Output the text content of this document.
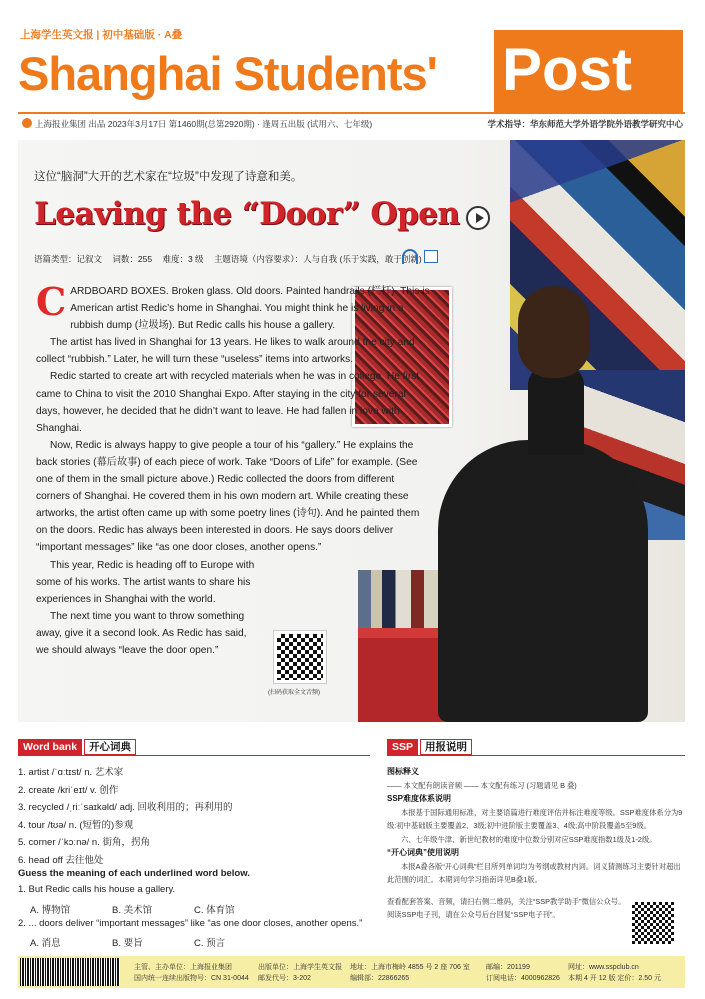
上海学生英文报 | 初中基础版 · A叠
Shanghai Students' Post
上海报业集团 出品 2023年3月17日 第1460期(总第2920期) · 逢周五出版 (试用六、七年级)	学术指导：华东师范大学外语学院外语教学研究中心
这位“脑洞”大开的艺术家在“垃圾”中发现了诗意和美。
Leaving the “Door” Open
语篇类型：记叙文 词数：255 难度：3 级 主题语境（内容要求）：人与自我 (乐于实践，敢于创新)

CARDBOARD BOXES. Broken glass. Old doors. Painted handrails (栏杆). This is American artist Redic’s home in Shanghai. You might think he is living in a rubbish dump (垃圾场). But Redic calls his house a gallery.

The artist has lived in Shanghai for 13 years. He likes to walk around the city and collect “rubbish.” Later, he will turn these “useless” items into artworks.

Redic started to create art with recycled materials when he was in college. He first came to China to visit the 2010 Shanghai Expo. After staying in the city for several days, however, he decided that he didn’t want to leave. He had fallen in love with Shanghai.

Now, Redic is always happy to give people a tour of his “gallery.” He explains the back stories (幕后故事) of each piece of work. Take “Doors of Life” for example. (See one of them in the small picture above.) Redic collected the doors from different corners of Shanghai. He covered them in his own modern art. While creating these artworks, the artist often came up with some poetry lines (诗句). And he painted them on the doors. Redic has always been interested in doors. He says doors deliver “important messages” like “as one door closes, another opens.”

This year, Redic is heading off to Europe with some of his works. The artist wants to share his experiences in Shanghai with the world.

The next time you want to throw something away, give it a second look. As Redic has said, we should always “leave the door open.”

(扫码获取全文音频)
Word bank 开心词典
1. artist /ˈɑːtɪst/ n. 艺术家
2. create /kriˈeɪt/ v. 创作
3. recycled /ˌriːˈsaɪkəld/ adj. 回收利用的；再利用的
4. tour /tʊə/ n. (短暂的)参观
5. corner /ˈkɔːnə/ n. 街角，拐角
6. head off 去往他处
Guess the meaning of each underlined word below.
1. But Redic calls his house a gallery.
A. 博物馆	B. 美术馆	C. 体育馆
2. ... doors deliver “important messages” like “as one door closes, another opens.”
A. 消息	B. 要旨	C. 预言
SSP 用报说明
图标释义
—— 本文配有朗读音频 —— 本文配有练习 (习题请见 B 叠)
SSP难度体系说明
本报基于国际通用标准，对主要语篇进行难度评估并标注难度等级。SSP难度体系分为9级:初中基础版主要覆盖2、3级;初中进阶版主要覆盖3、4级;高中阶段覆盖5至9级。
六、七年级牛津、新世纪教材的难度中位数分别对应SSP难度指数1级及1-2级。
“开心词典”使用说明
本报A叠各版“开心词典”栏目所列单词均为考纲或教材内词。词义猜测练习主要针对超出此范围的词汇。本期词句学习指南详见B叠1版。
查看配套答案、音频，请扫右侧二维码，关注“SSP教学助手”微信公众号。
阅读SSP电子刊，请在公众号后台回复“SSP电子刊”。
主管、主办单位：上海报业集团
国内统一连续出版物号：CN 31-0044
出版单位：上海学生英文报
邮发代号：3-202
地址：上海市梅岭 4855 号 2 座 706 室
编辑部：22866265
邮编：201199
订阅电话：4000962826
网址：www.sspclub.cn
本期 4 开 12 版 定价：2.50 元
